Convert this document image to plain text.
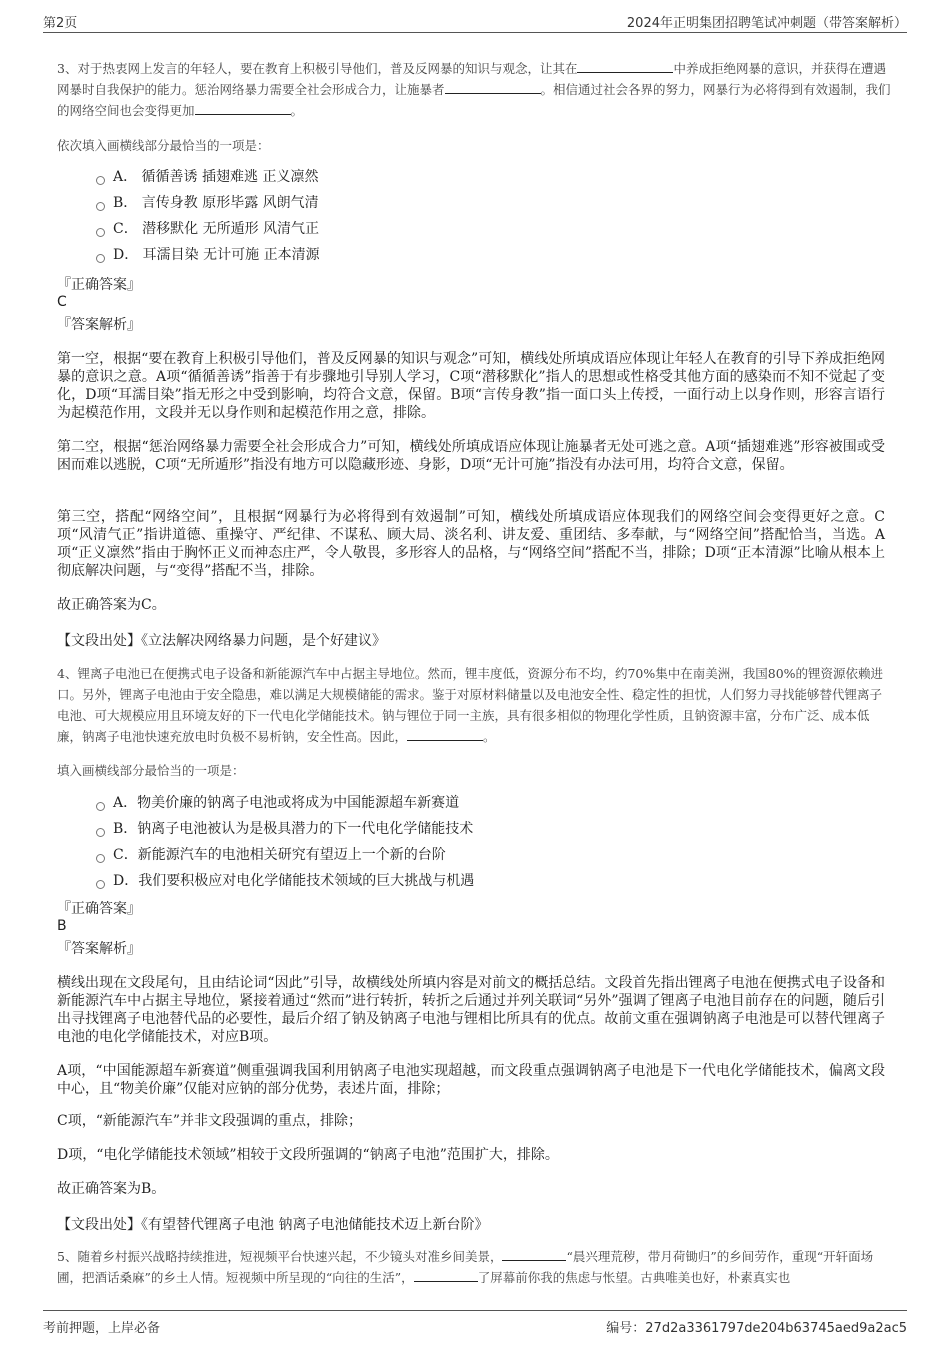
第2页	2024年正明集团招聘笔试冲刺题（带答案解析）
3、对于热衷网上发言的年轻人，要在教育上积极引导他们，普及反网暴的知识与观念，让其在	中养成拒绝网暴的意识，并获得在遭遇网暴时自我保护的能力。惩治网络暴力需要全社会形成合力，让施暴者	。相信通过社会各界的努力，网暴行为必将得到有效遏制，我们的网络空间也会变得更加	。
依次填入画横线部分最恰当的一项是：
A． 循循善诱 插翅难逃 正义凛然
B． 言传身教 原形毕露 风朗气清
C． 潜移默化 无所遁形 风清气正
D． 耳濡目染 无计可施 正本清源
『正确答案』
C
『答案解析』
第一空，根据“要在教育上积极引导他们，普及反网暴的知识与观念”可知，横线处所填成语应体现让年轻人在教育的引导下养成拒绝网暴的意识之意。A项“循循善诱”指善于有步骤地引导别人学习，C项“潜移默化”指人的思想或性格受其他方面的感染而不知不觉起了变化，D项“耳濡目染”指无形之中受到影响，均符合文意，保留。B项“言传身教”指一面口头上传授，一面行动上以身作则，形容言语行为起模范作用，文段并无以身作则和起模范作用之意，排除。
第二空，根据“惩治网络暴力需要全社会形成合力”可知，横线处所填成语应体现让施暴者无处可逃之意。A项“插翅难逃”形容被围或受困而难以逃脱，C项“无所遁形”指没有地方可以隐藏形迹、身影，D项“无计可施”指没有办法可用，均符合文意，保留。
第三空，搭配“网络空间”，且根据“网暴行为必将得到有效遏制”可知，横线处所填成语应体现我们的网络空间会变得更好之意。C项“风清气正”指讲道德、重操守、严纪律、不谋私、顾大局、淡名利、讲友爱、重团结、多奉献，与“网络空间”搭配恰当，当选。A项“正义凛然”指由于胸怀正义而神态庄严，令人敬畏，多形容人的品格，与“网络空间”搭配不当，排除；D项“正本清源”比喻从根本上彻底解决问题，与“变得”搭配不当，排除。
故正确答案为C。
【文段出处】《立法解决网络暴力问题，是个好建议》
4、锂离子电池已在便携式电子设备和新能源汽车中占据主导地位。然而，锂丰度低，资源分布不均，约70%集中在南美洲，我国80%的锂资源依赖进口。另外，锂离子电池由于安全隐患，难以满足大规模储能的需求。鉴于对原材料储量以及电池安全性、稳定性的担忧，人们努力寻找能够替代锂离子电池、可大规模应用且环境友好的下一代电化学储能技术。钠与锂位于同一主族，具有很多相似的物理化学性质，且钠资源丰富，分布广泛、成本低廉，钠离子电池快速充放电时负极不易析钠，安全性高。因此，	。
填入画横线部分最恰当的一项是：
A．物美价廉的钠离子电池或将成为中国能源超车新赛道
B．钠离子电池被认为是极具潜力的下一代电化学储能技术
C．新能源汽车的电池相关研究有望迈上一个新的台阶
D．我们要积极应对电化学储能技术领域的巨大挑战与机遇
『正确答案』
B
『答案解析』
横线出现在文段尾句，且由结论词“因此”引导，故横线处所填内容是对前文的概括总结。文段首先指出锂离子电池在便携式电子设备和新能源汽车中占据主导地位，紧接着通过“然而”进行转折，转折之后通过并列关联词“另外”强调了锂离子电池目前存在的问题，随后引出寻找锂离子电池替代品的必要性，最后介绍了钠及钠离子电池与锂相比所具有的优点。故前文重在强调钠离子电池是可以替代锂离子电池的电化学储能技术，对应B项。
A项，“中国能源超车新赛道”侧重强调我国利用钠离子电池实现超越，而文段重点强调钠离子电池是下一代电化学储能技术，偏离文段中心，且“物美价廉”仅能对应钠的部分优势，表述片面，排除；
C项，“新能源汽车”并非文段强调的重点，排除；
D项，“电化学储能技术领域”相较于文段所强调的“钠离子电池”范围扩大，排除。
故正确答案为B。
【文段出处】《有望替代锂离子电池 钠离子电池储能技术迈上新台阶》
5、随着乡村振兴战略持续推进，短视频平台快速兴起，不少镜头对准乡间美景，	“晨兴理荒秽，带月荷锄归”的乡间劳作，重现“开轩面场圃，把酒话桑麻”的乡土人情。短视频中所呈现的“向往的生活”，	了屏幕前你我的焦虑与怅望。古典唯美也好，朴素真实也
考前押题，上岸必备	编号：27d2a3361797de204b63745aed9a2ac5
